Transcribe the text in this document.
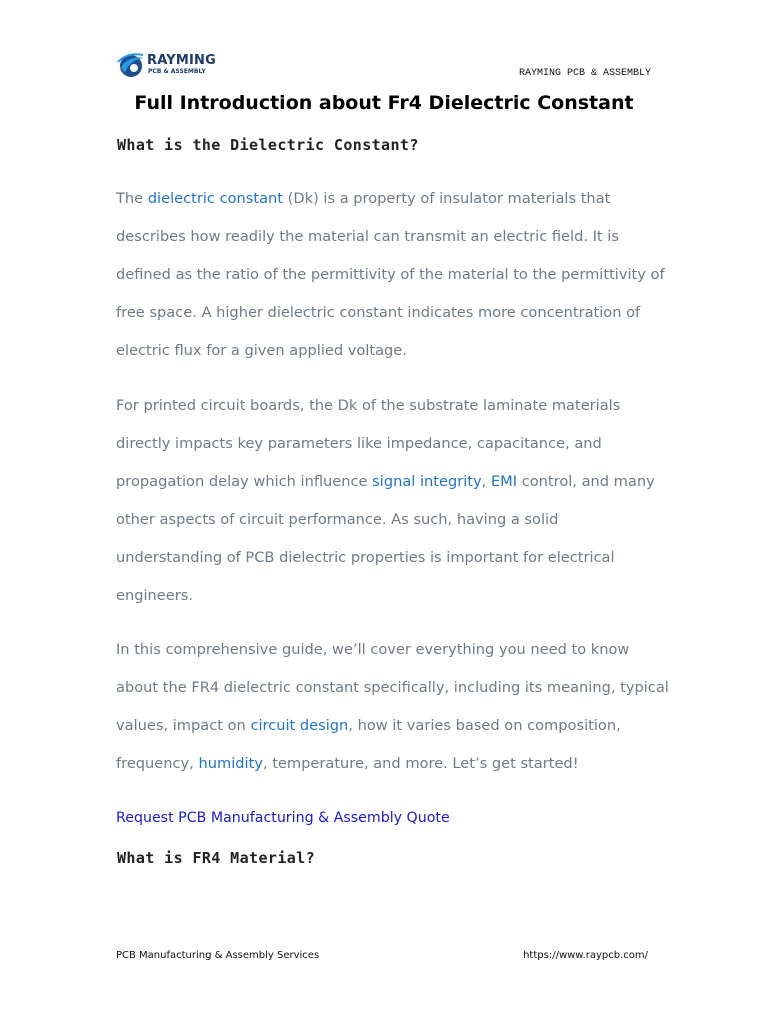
RAYMING
PCB & ASSEMBLY	RAYMING PCB & ASSEMBLY
Full Introduction about Fr4 Dielectric Constant
What is the Dielectric Constant?

The dielectric constant (Dk) is a property of insulator materials that
describes how readily the material can transmit an electric field. It is
defined as the ratio of the permittivity of the material to the permittivity of
free space. A higher dielectric constant indicates more concentration of
electric flux for a given applied voltage.

For printed circuit boards, the Dk of the substrate laminate materials
directly impacts key parameters like impedance, capacitance, and
propagation delay which influence signal integrity, EMI control, and many
other aspects of circuit performance. As such, having a solid
understanding of PCB dielectric properties is important for electrical
engineers.

In this comprehensive guide, we’ll cover everything you need to know
about the FR4 dielectric constant specifically, including its meaning, typical
values, impact on circuit design, how it varies based on composition,
frequency, humidity, temperature, and more. Let’s get started!

Request PCB Manufacturing & Assembly Quote
What is FR4 Material?
PCB Manufacturing & Assembly Services	https://www.raypcb.com/
